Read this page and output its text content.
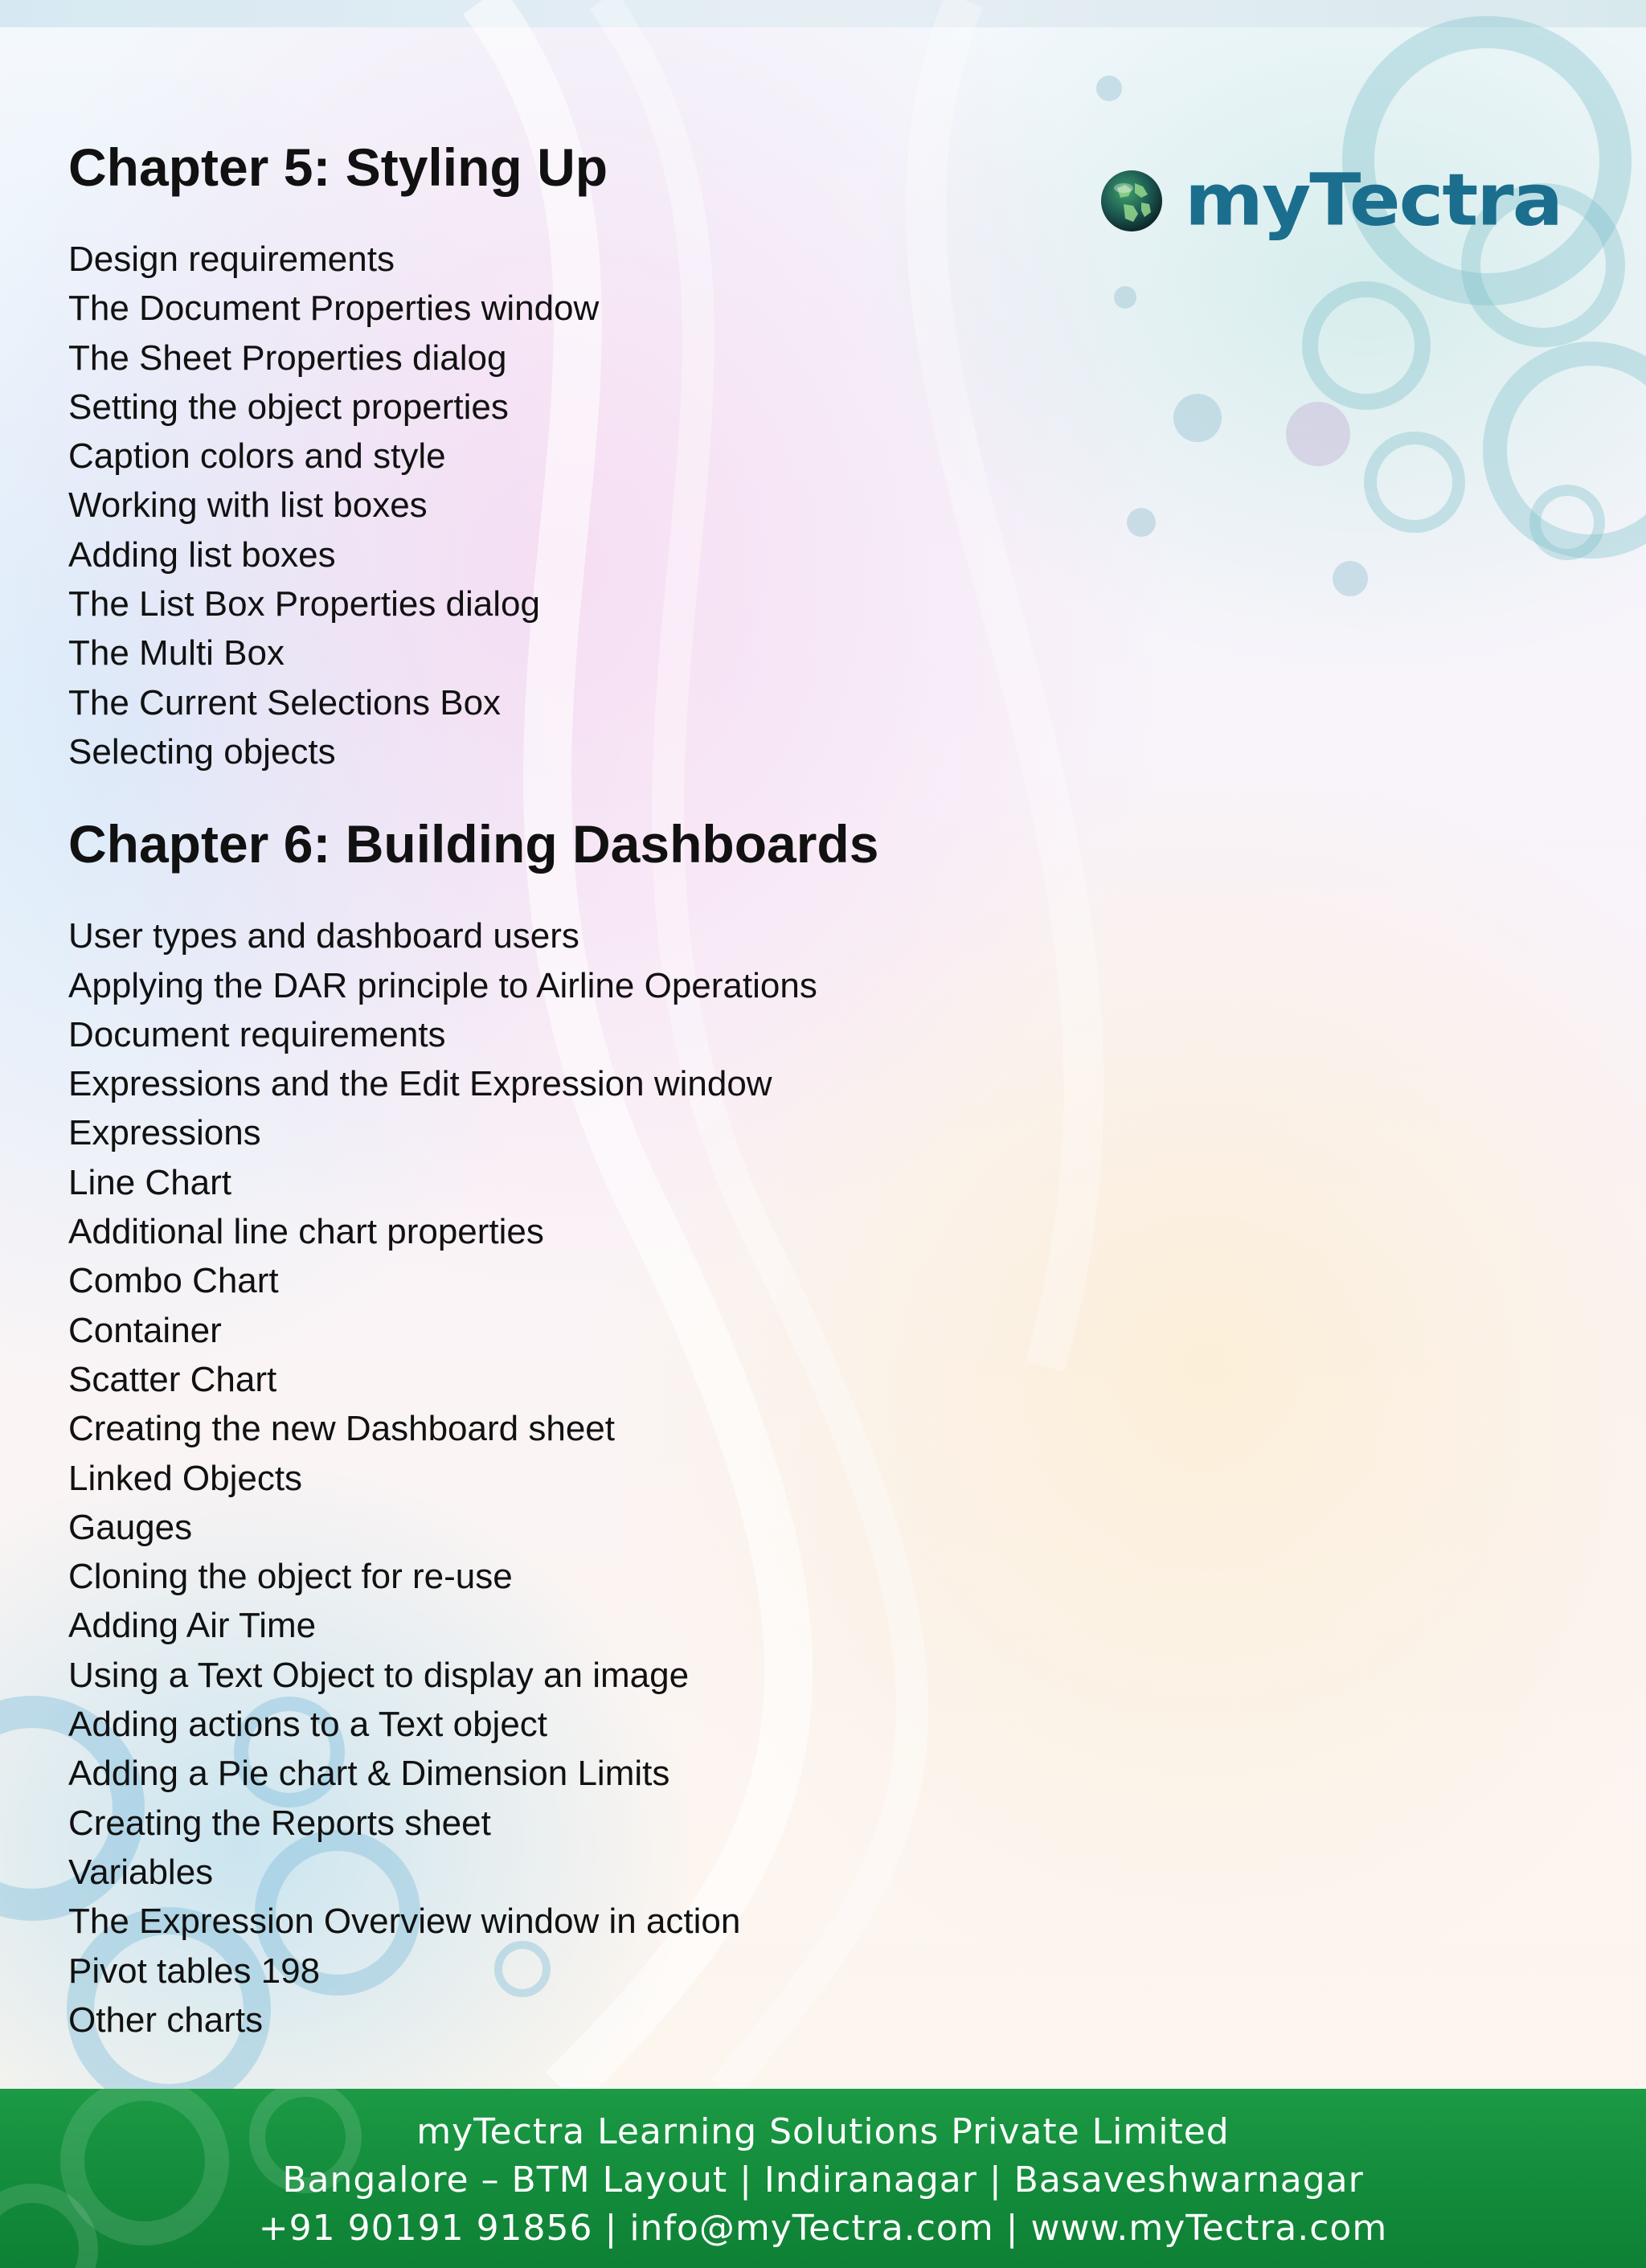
myTectra
Chapter 5: Styling Up
Design requirements
The Document Properties window
The Sheet Properties dialog
Setting the object properties
Caption colors and style
Working with list boxes
Adding list boxes
The List Box Properties dialog
The Multi Box
The Current Selections Box
Selecting objects
Chapter 6: Building Dashboards
User types and dashboard users
Applying the DAR principle to Airline Operations
Document requirements
Expressions and the Edit Expression window
Expressions
Line Chart
Additional line chart properties
Combo Chart
Container
Scatter Chart
Creating the new Dashboard sheet
Linked Objects
Gauges
Cloning the object for re-use
Adding Air Time
Using a Text Object to display an image
Adding actions to a Text object
Adding a Pie chart & Dimension Limits
Creating the Reports sheet
Variables
The Expression Overview window in action
Pivot tables 198
Other charts
myTectra Learning Solutions Private Limited
Bangalore – BTM Layout | Indiranagar | Basaveshwarnagar
+91 90191 91856 | info@myTectra.com | www.myTectra.com
